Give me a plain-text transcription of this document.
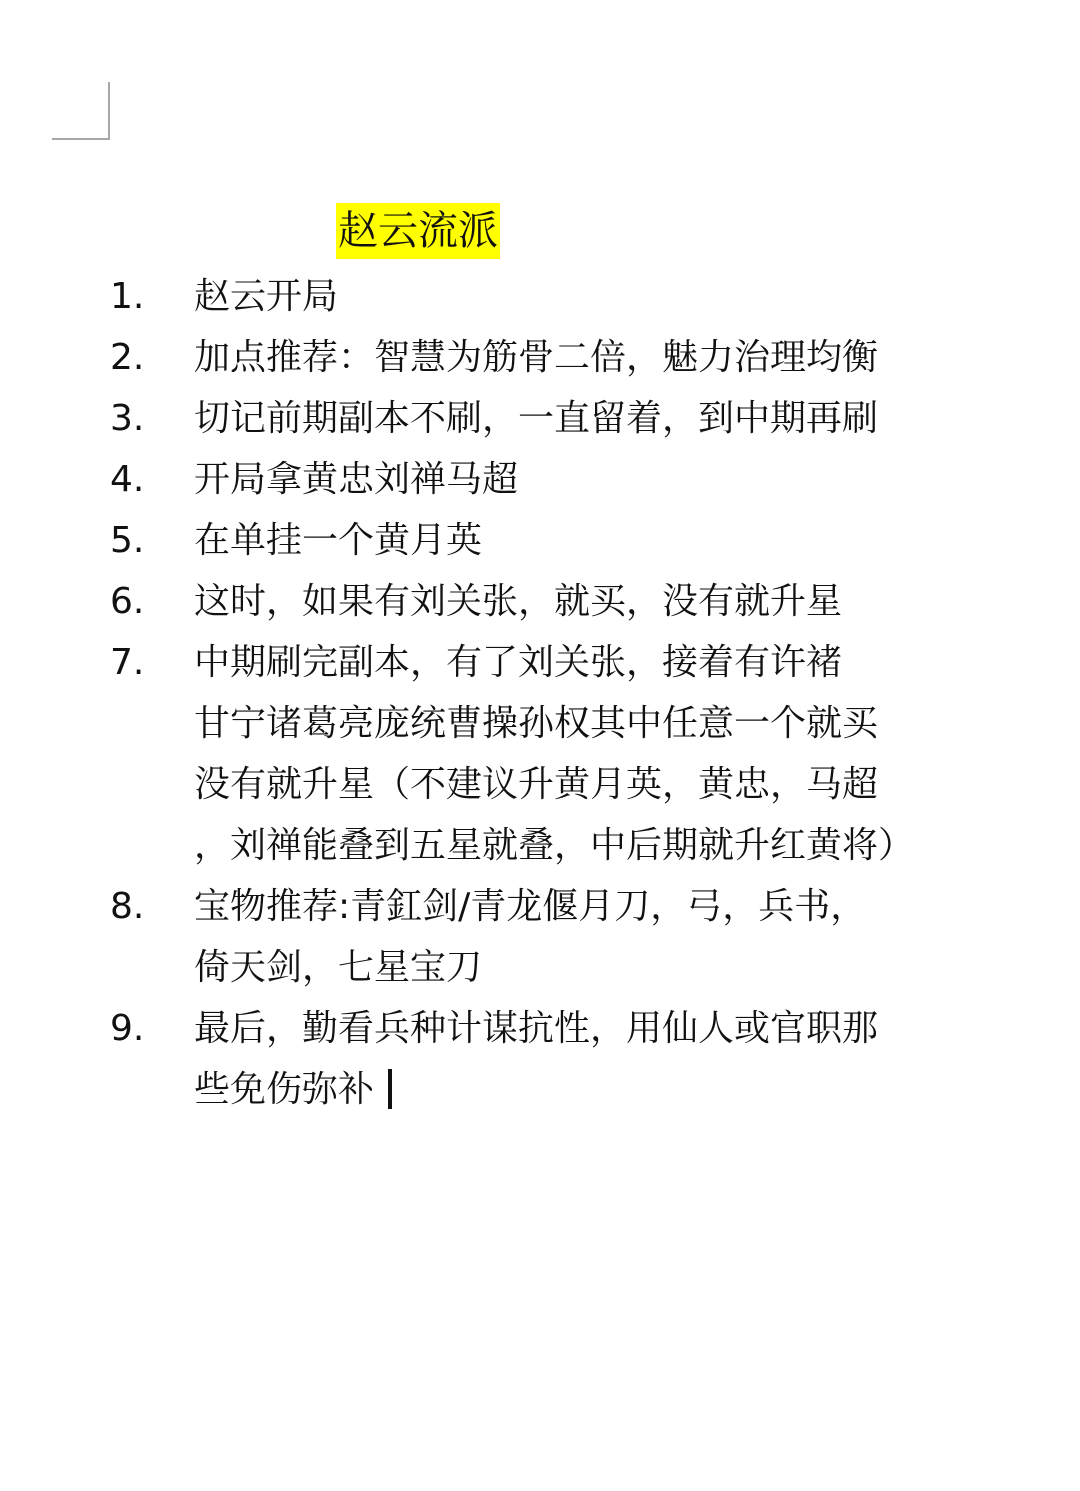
赵云流派
1. 赵云开局
2. 加点推荐：智慧为筋骨二倍，魅力治理均衡
3. 切记前期副本不刷，一直留着，到中期再刷
4. 开局拿黄忠刘禅马超
5. 在单挂一个黄月英
6. 这时，如果有刘关张，就买，没有就升星
7. 中期刷完副本，有了刘关张，接着有许褚
甘宁诸葛亮庞统曹操孙权其中任意一个就买
没有就升星（不建议升黄月英，黄忠，马超
，刘禅能叠到五星就叠，中后期就升红黄将）
8. 宝物推荐:青釭剑/青龙偃月刀，弓，兵书，
倚天剑，七星宝刀
9. 最后，勤看兵种计谋抗性，用仙人或官职那
些免伤弥补
